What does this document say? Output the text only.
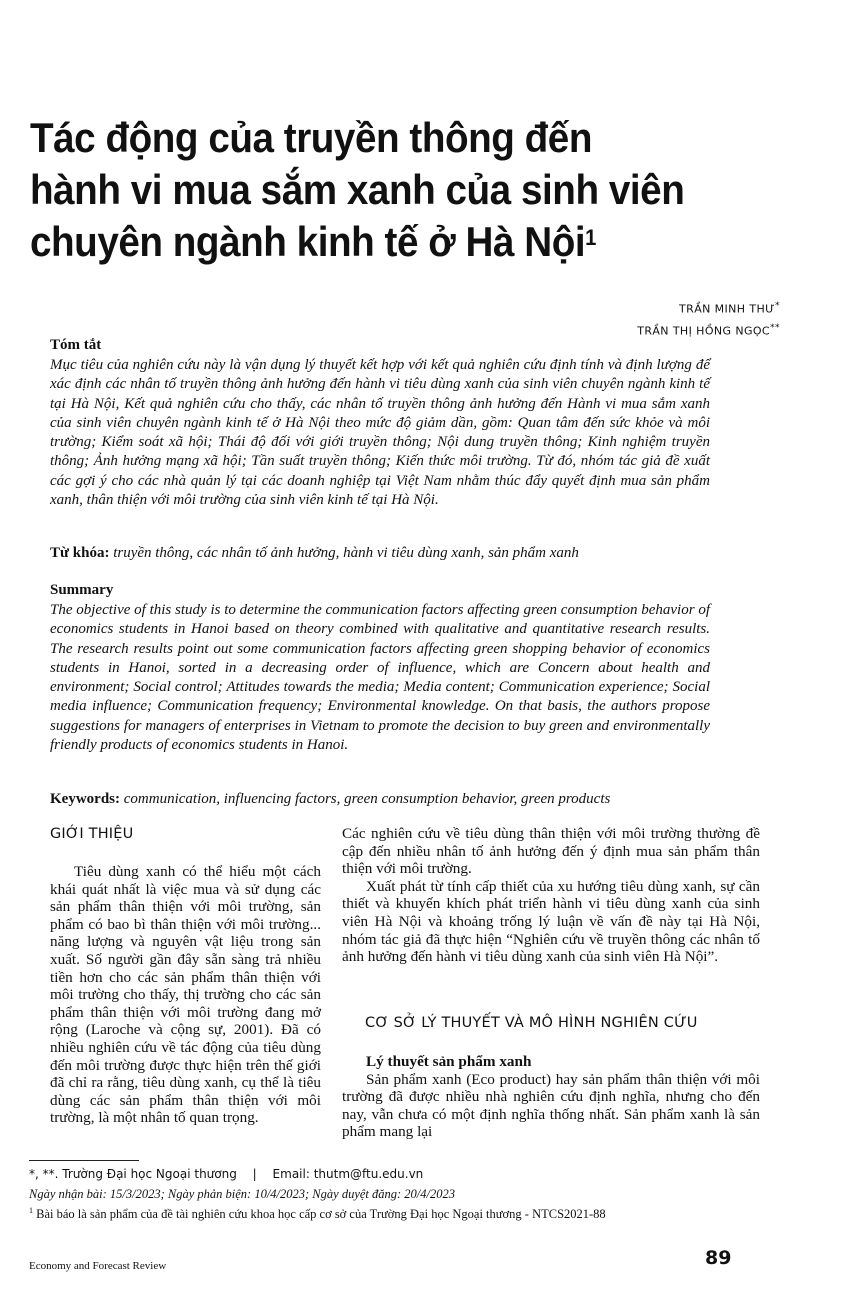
Tác động của truyền thông đến
hành vi mua sắm xanh của sinh viên
chuyên ngành kinh tế ở Hà Nội$^1$
TRẦN MINH THƯ*
TRẦN THỊ HỒNG NGỌC**
Tóm tắt
Mục tiêu của nghiên cứu này là vận dụng lý thuyết kết hợp với kết quả nghiên cứu định tính và định lượng để xác định các nhân tố truyền thông ảnh hưởng đến hành vi tiêu dùng xanh của sinh viên chuyên ngành kinh tế tại Hà Nội, Kết quả nghiên cứu cho thấy, các nhân tố truyền thông ảnh hưởng đến Hành vi mua sắm xanh của sinh viên chuyên ngành kinh tế ở Hà Nội theo mức độ giảm dần, gồm: Quan tâm đến sức khỏe và môi trường; Kiểm soát xã hội; Thái độ đối với giới truyền thông; Nội dung truyền thông; Kinh nghiệm truyền thông; Ảnh hưởng mạng xã hội; Tần suất truyền thông; Kiến thức môi trường. Từ đó, nhóm tác giả đề xuất các gợi ý cho các nhà quản lý tại các doanh nghiệp tại Việt Nam nhằm thúc đẩy quyết định mua sản phẩm xanh, thân thiện với môi trường của sinh viên kinh tế tại Hà Nội.
Từ khóa: truyền thông, các nhân tố ảnh hưởng, hành vi tiêu dùng xanh, sản phẩm xanh
Summary
The objective of this study is to determine the communication factors affecting green consumption behavior of economics students in Hanoi based on theory combined with qualitative and quantitative research results. The research results point out some communication factors affecting green shopping behavior of economics students in Hanoi, sorted in a decreasing order of influence, which are Concern about health and environment; Social control; Attitudes towards the media; Media content; Communication experience; Social media influence; Communication frequency; Environmental knowledge. On that basis, the authors propose suggestions for managers of enterprises in Vietnam to promote the decision to buy green and environmentally friendly products of economics students in Hanoi.
Keywords: communication, influencing factors, green consumption behavior, green products
GIỚI THIỆU

Tiêu dùng xanh có thể hiểu một cách khái quát nhất là việc mua và sử dụng các sản phẩm thân thiện với môi trường, sản phẩm có bao bì thân thiện với môi trường... năng lượng và nguyên vật liệu trong sản xuất. Số người gần đây sẵn sàng trả nhiều tiền hơn cho các sản phẩm thân thiện với môi trường cho thấy, thị trường cho các sản phẩm thân thiện với môi trường đang mở rộng (Laroche và cộng sự, 2001). Đã có nhiều nghiên cứu về tác động của tiêu dùng đến môi trường được thực hiện trên thế giới đã chỉ ra rằng, tiêu dùng xanh, cụ thể là tiêu dùng các sản phẩm thân thiện với môi trường, là một nhân tố quan trọng.

Các nghiên cứu về tiêu dùng thân thiện với môi trường thường đề cập đến nhiều nhân tố ảnh hưởng đến ý định mua sản phẩm thân thiện với môi trường.

Xuất phát từ tính cấp thiết của xu hướng tiêu dùng xanh, sự cần thiết và khuyến khích phát triển hành vi tiêu dùng xanh của sinh viên Hà Nội và khoảng trống lý luận về vấn đề này tại Hà Nội, nhóm tác giả đã thực hiện “Nghiên cứu về truyền thông các nhân tố ảnh hưởng đến hành vi tiêu dùng xanh của sinh viên Hà Nội”.

CƠ SỞ LÝ THUYẾT VÀ MÔ HÌNH NGHIÊN CỨU

Lý thuyết sản phẩm xanh

Sản phẩm xanh (Eco product) hay sản phẩm thân thiện với môi trường đã được nhiều nhà nghiên cứu định nghĩa, nhưng cho đến nay, vẫn chưa có một định nghĩa thống nhất. Sản phẩm xanh là sản phẩm mang lại

*, **. Trường Đại học Ngoại thương | Email: thutm@ftu.edu.vn
Ngày nhận bài: 15/3/2023; Ngày phản biện: 10/4/2023; Ngày duyệt đăng: 20/4/2023
$^1$ Bài báo là sản phẩm của đề tài nghiên cứu khoa học cấp cơ sở của Trường Đại học Ngoại thương - NTCS2021-88
Economy and Forecast Review	89
